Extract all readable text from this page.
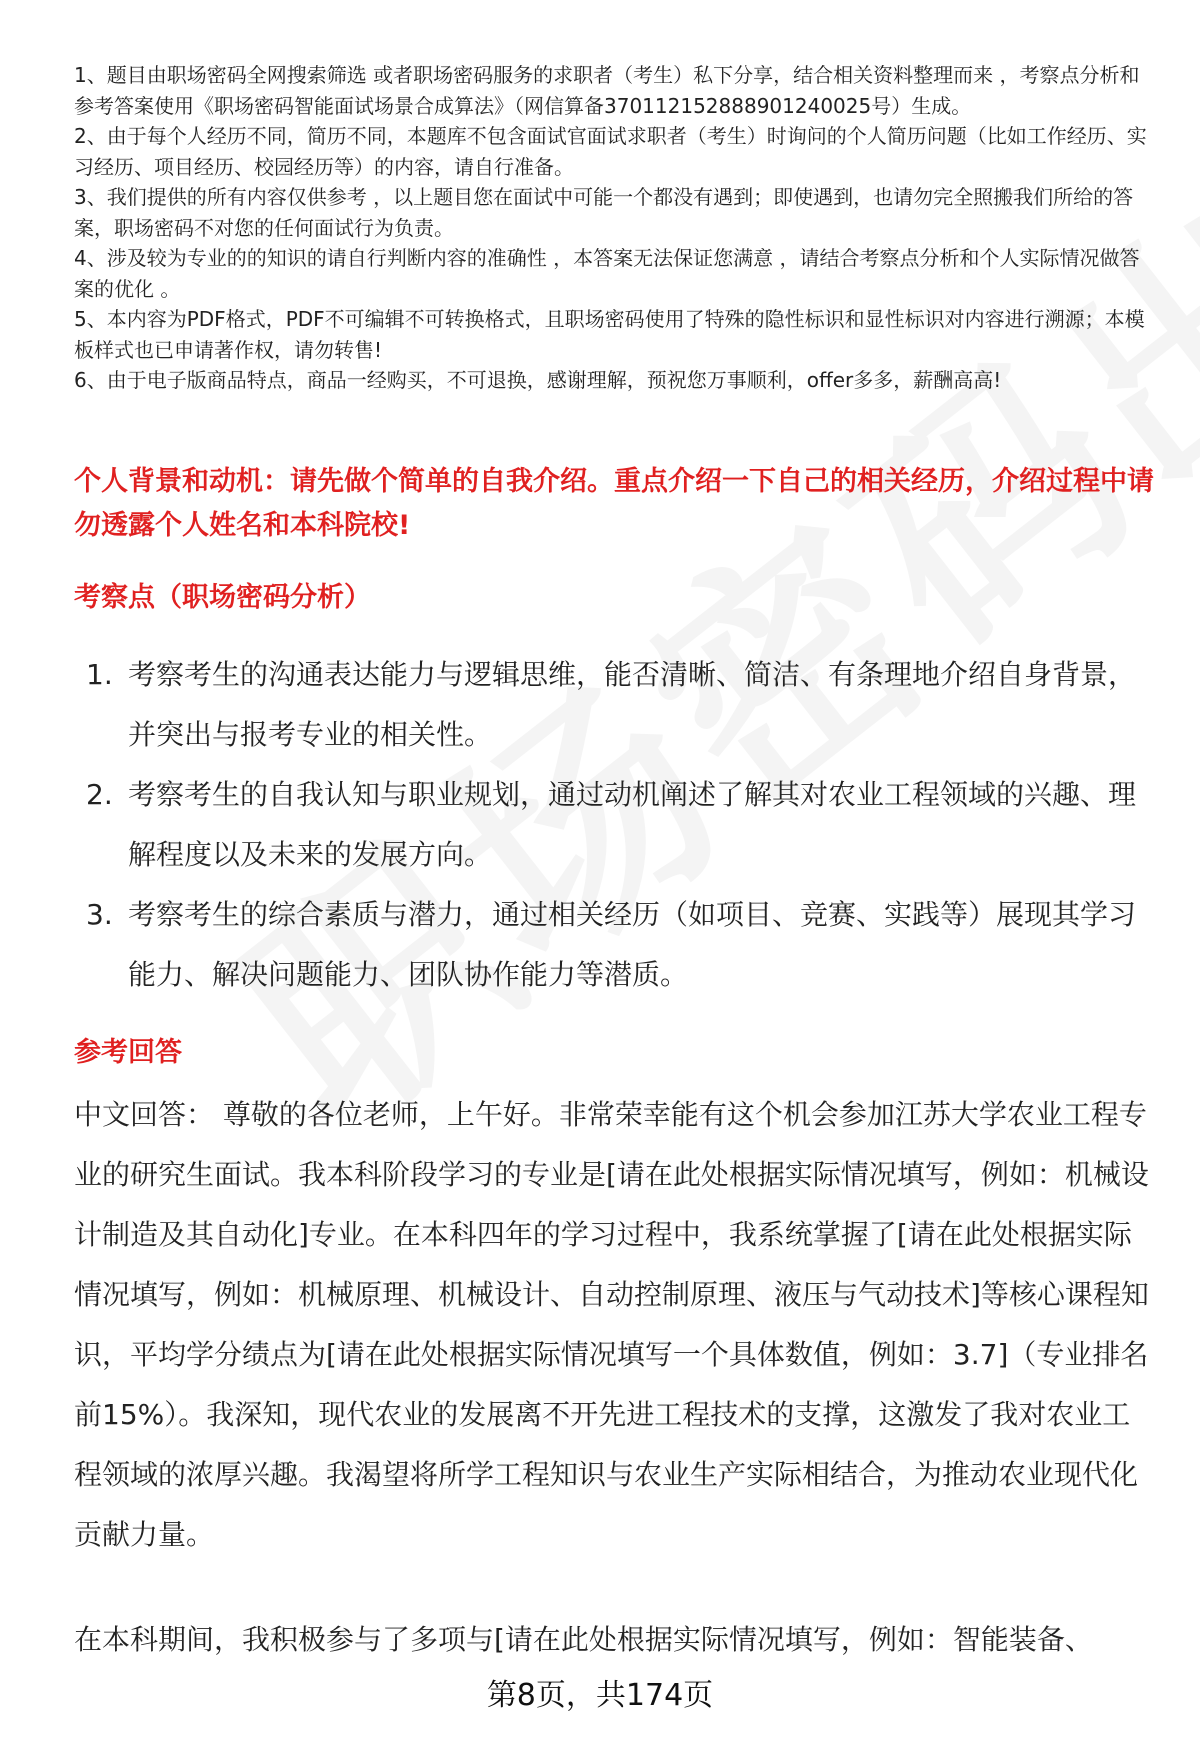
1、题目由职场密码全网搜索筛选 或者职场密码服务的求职者（考生）私下分享，结合相关资料整理而来 ，考察点分析和参考答案使用《职场密码智能面试场景合成算法》（网信算备370112152888901240025号）生成。

2、由于每个人经历不同，简历不同，本题库不包含面试官面试求职者（考生）时询问的个人简历问题（比如工作经历、实习经历、项目经历、校园经历等）的内容，请自行准备。

3、我们提供的所有内容仅供参考 ，以上题目您在面试中可能一个都没有遇到；即使遇到，也请勿完全照搬我们所给的答案，职场密码不对您的任何面试行为负责。

4、涉及较为专业的的知识的请自行判断内容的准确性 ，本答案无法保证您满意 ，请结合考察点分析和个人实际情况做答案的优化 。

5、本内容为PDF格式，PDF不可编辑不可转换格式，且职场密码使用了特殊的隐性标识和显性标识对内容进行溯源；本模板样式也已申请著作权，请勿转售!

6、由于电子版商品特点，商品一经购买，不可退换，感谢理解，预祝您万事顺利，offer多多，薪酬高高!

个人背景和动机：请先做个简单的自我介绍。重点介绍一下自己的相关经历，介绍过程中请勿透露个人姓名和本科院校!

考察点（职场密码分析）

1. 考察考生的沟通表达能力与逻辑思维，能否清晰、简洁、有条理地介绍自身背景，并突出与报考专业的相关性。
2. 考察考生的自我认知与职业规划，通过动机阐述了解其对农业工程领域的兴趣、理解程度以及未来的发展方向。
3. 考察考生的综合素质与潜力，通过相关经历（如项目、竞赛、实践等）展现其学习能力、解决问题能力、团队协作能力等潜质。

参考回答

中文回答： 尊敬的各位老师，上午好。非常荣幸能有这个机会参加江苏大学农业工程专业的研究生面试。我本科阶段学习的专业是[请在此处根据实际情况填写，例如：机械设计制造及其自动化]专业。在本科四年的学习过程中，我系统掌握了[请在此处根据实际情况填写，例如：机械原理、机械设计、自动控制原理、液压与气动技术]等核心课程知识，平均学分绩点为[请在此处根据实际情况填写一个具体数值，例如：3.7]（专业排名前15%）。我深知，现代农业的发展离不开先进工程技术的支撑，这激发了我对农业工程领域的浓厚兴趣。我渴望将所学工程知识与农业生产实际相结合，为推动农业现代化贡献力量。

在本科期间，我积极参与了多项与[请在此处根据实际情况填写，例如：智能装备、

第8页，共174页
